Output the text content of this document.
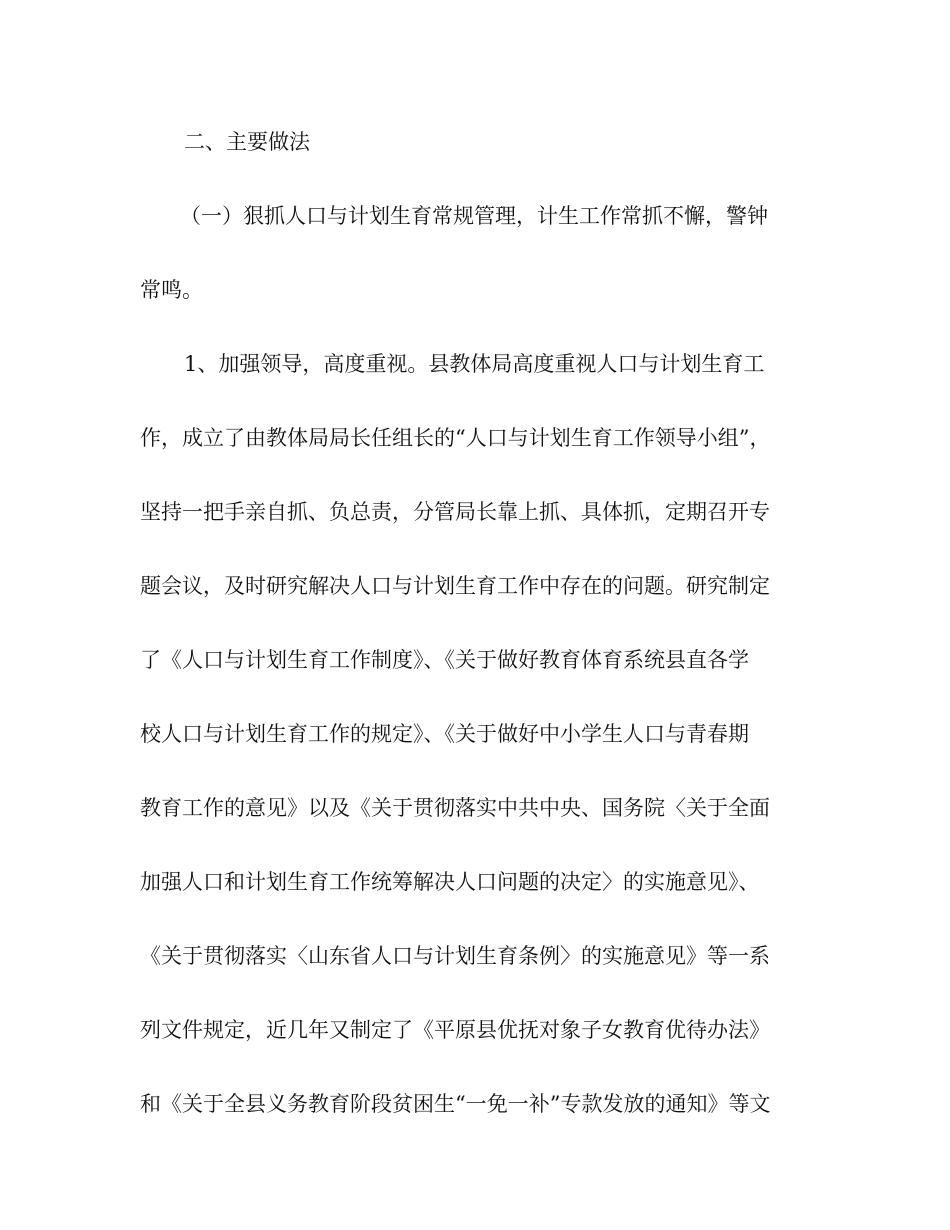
二、主要做法
（一）狠抓人口与计划生育常规管理，计生工作常抓不懈，警钟
常鸣。
1、加强领导，高度重视。县教体局高度重视人口与计划生育工
作，成立了由教体局局长任组长的“人口与计划生育工作领导小组”，
坚持一把手亲自抓、负总责，分管局长靠上抓、具体抓，定期召开专
题会议，及时研究解决人口与计划生育工作中存在的问题。研究制定
了《人口与计划生育工作制度》、《关于做好教育体育系统县直各学
校人口与计划生育工作的规定》、《关于做好中小学生人口与青春期
教育工作的意见》以及《关于贯彻落实中共中央、国务院〈关于全面
加强人口和计划生育工作统筹解决人口问题的决定〉的实施意见》、
《关于贯彻落实〈山东省人口与计划生育条例〉的实施意见》等一系
列文件规定，近几年又制定了《平原县优抚对象子女教育优待办法》
和《关于全县义务教育阶段贫困生“一免一补”专款发放的通知》等文
